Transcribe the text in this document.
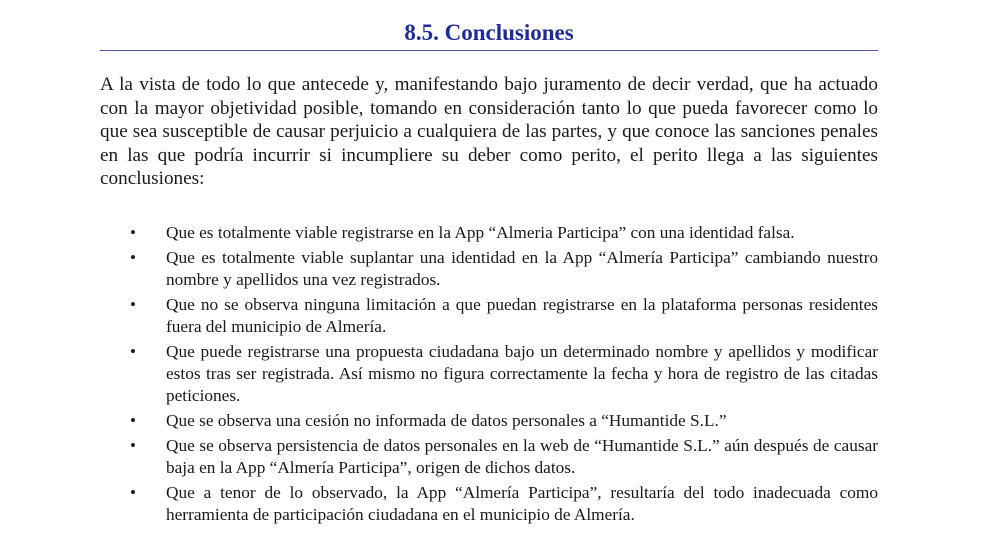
8.5. Conclusiones

A la vista de todo lo que antecede y, manifestando bajo juramento de decir verdad, que ha actuado con la mayor objetividad posible, tomando en consideración tanto lo que pueda favorecer como lo que sea susceptible de causar perjuicio a cualquiera de las partes, y que conoce las sanciones penales en las que podría incurrir si incumpliere su deber como perito, el perito llega a las siguientes conclusiones:

• Que es totalmente viable registrarse en la App “Almeria Participa” con una identidad falsa.
• Que es totalmente viable suplantar una identidad en la App “Almería Participa” cambiando nuestro nombre y apellidos una vez registrados.
• Que no se observa ninguna limitación a que puedan registrarse en la plataforma personas residentes fuera del municipio de Almería.
• Que puede registrarse una propuesta ciudadana bajo un determinado nombre y apellidos y modificar estos tras ser registrada. Así mismo no figura correctamente la fecha y hora de registro de las citadas peticiones.
• Que se observa una cesión no informada de datos personales a “Humantide S.L.”
• Que se observa persistencia de datos personales en la web de “Humantide S.L.” aún después de causar baja en la App “Almería Participa”, origen de dichos datos.
• Que a tenor de lo observado, la App “Almería Participa”, resultaría del todo inadecuada como herramienta de participación ciudadana en el municipio de Almería.
